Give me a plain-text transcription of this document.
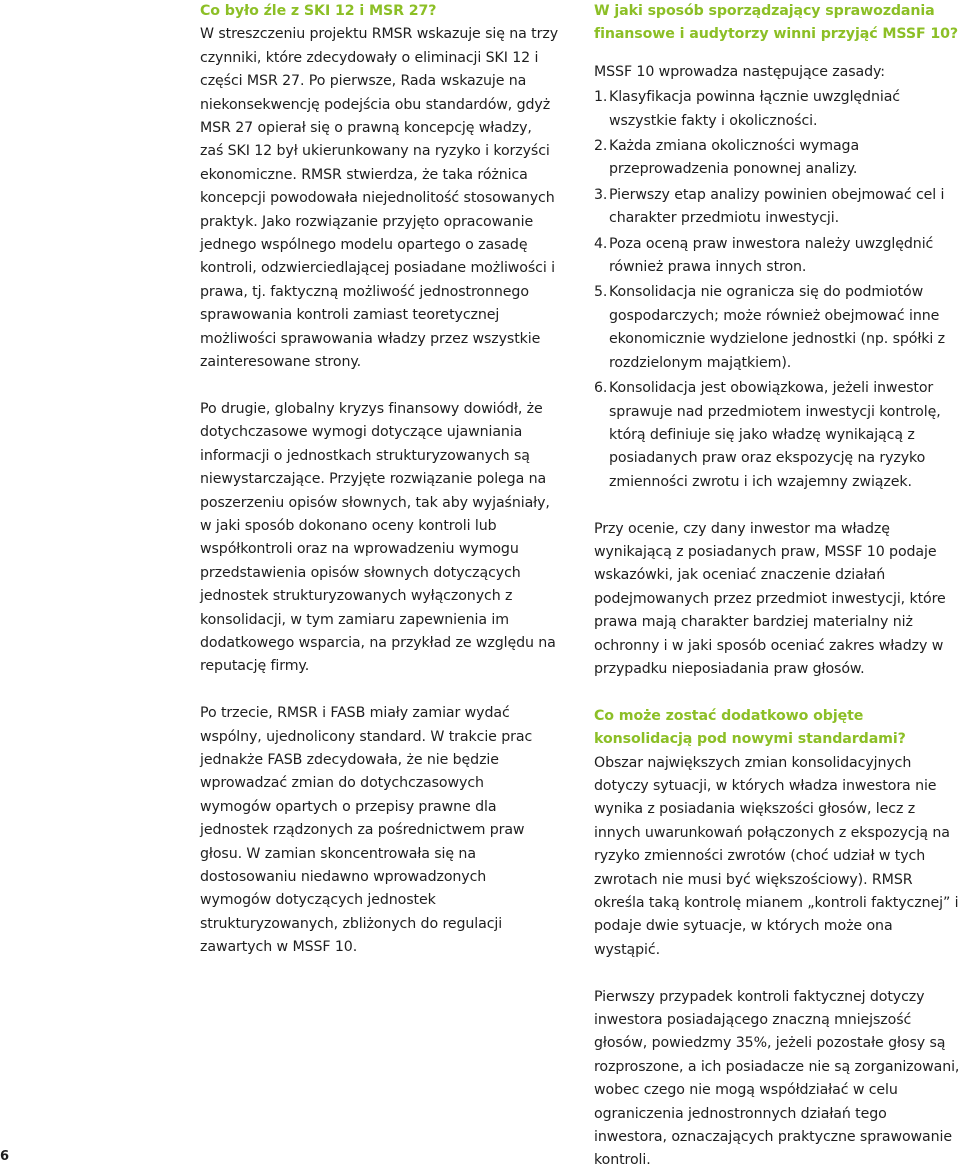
Co było źle z SKI 12 i MSR 27?

W streszczeniu projektu RMSR wskazuje się na trzy czynniki, które zdecydowały o eliminacji SKI 12 i części MSR 27. Po pierwsze, Rada wskazuje na niekonsekwencję podejścia obu standardów, gdyż MSR 27 opierał się o prawną koncepcję władzy, zaś SKI 12 był ukierunkowany na ryzyko i korzyści ekonomiczne. RMSR stwierdza, że taka różnica koncepcji powodowała niejednolitość stosowanych praktyk. Jako rozwiązanie przyjęto opracowanie jednego wspólnego modelu opartego o zasadę kontroli, odzwierciedlającej posiadane możliwości i prawa, tj. faktyczną możliwość jednostronnego sprawowania kontroli zamiast teoretycznej możliwości sprawowania władzy przez wszystkie zainteresowane strony.

Po drugie, globalny kryzys finansowy dowiódł, że dotychczasowe wymogi dotyczące ujawniania informacji o jednostkach strukturyzowanych są niewystarczające. Przyjęte rozwiązanie polega na poszerzeniu opisów słownych, tak aby wyjaśniały, w jaki sposób dokonano oceny kontroli lub współkontroli oraz na wprowadzeniu wymogu przedstawienia opisów słownych dotyczących jednostek strukturyzowanych wyłączonych z konsolidacji, w tym zamiaru zapewnienia im dodatkowego wsparcia, na przykład ze względu na reputację firmy.

Po trzecie, RMSR i FASB miały zamiar wydać wspólny, ujednolicony standard. W trakcie prac jednakże FASB zdecydowała, że nie będzie wprowadzać zmian do dotychczasowych wymogów opartych o przepisy prawne dla jednostek rządzonych za pośrednictwem praw głosu. W zamian skoncentrowała się na dostosowaniu niedawno wprowadzonych wymogów dotyczących jednostek strukturyzowanych, zbliżonych do regulacji zawartych w MSSF 10.

W jaki sposób sporządzający sprawozdania finansowe i audytorzy winni przyjąć MSSF 10?

MSSF 10 wprowadza następujące zasady:

1. Klasyfikacja powinna łącznie uwzględniać wszystkie fakty i okoliczności.
2. Każda zmiana okoliczności wymaga przeprowadzenia ponownej analizy.
3. Pierwszy etap analizy powinien obejmować cel i charakter przedmiotu inwestycji.
4. Poza oceną praw inwestora należy uwzględnić również prawa innych stron.
5. Konsolidacja nie ogranicza się do podmiotów gospodarczych; może również obejmować inne ekonomicznie wydzielone jednostki (np. spółki z rozdzielonym majątkiem).
6. Konsolidacja jest obowiązkowa, jeżeli inwestor sprawuje nad przedmiotem inwestycji kontrolę, którą definiuje się jako władzę wynikającą z posiadanych praw oraz ekspozycję na ryzyko zmienności zwrotu i ich wzajemny związek.

Przy ocenie, czy dany inwestor ma władzę wynikającą z posiadanych praw, MSSF 10 podaje wskazówki, jak oceniać znaczenie działań podejmowanych przez przedmiot inwestycji, które prawa mają charakter bardziej materialny niż ochronny i w jaki sposób oceniać zakres władzy w przypadku nieposiadania praw głosów.

Co może zostać dodatkowo objęte konsolidacją pod nowymi standardami?

Obszar największych zmian konsolidacyjnych dotyczy sytuacji, w których władza inwestora nie wynika z posiadania większości głosów, lecz z innych uwarunkowań połączonych z ekspozycją na ryzyko zmienności zwrotów (choć udział w tych zwrotach nie musi być większościowy). RMSR określa taką kontrolę mianem „kontroli faktycznej” i podaje dwie sytuacje, w których może ona wystąpić.

Pierwszy przypadek kontroli faktycznej dotyczy inwestora posiadającego znaczną mniejszość głosów, powiedzmy 35%, jeżeli pozostałe głosy są rozproszone, a ich posiadacze nie są zorganizowani, wobec czego nie mogą współdziałać w celu ograniczenia jednostronnych działań tego inwestora, oznaczających praktyczne sprawowanie kontroli.

6
